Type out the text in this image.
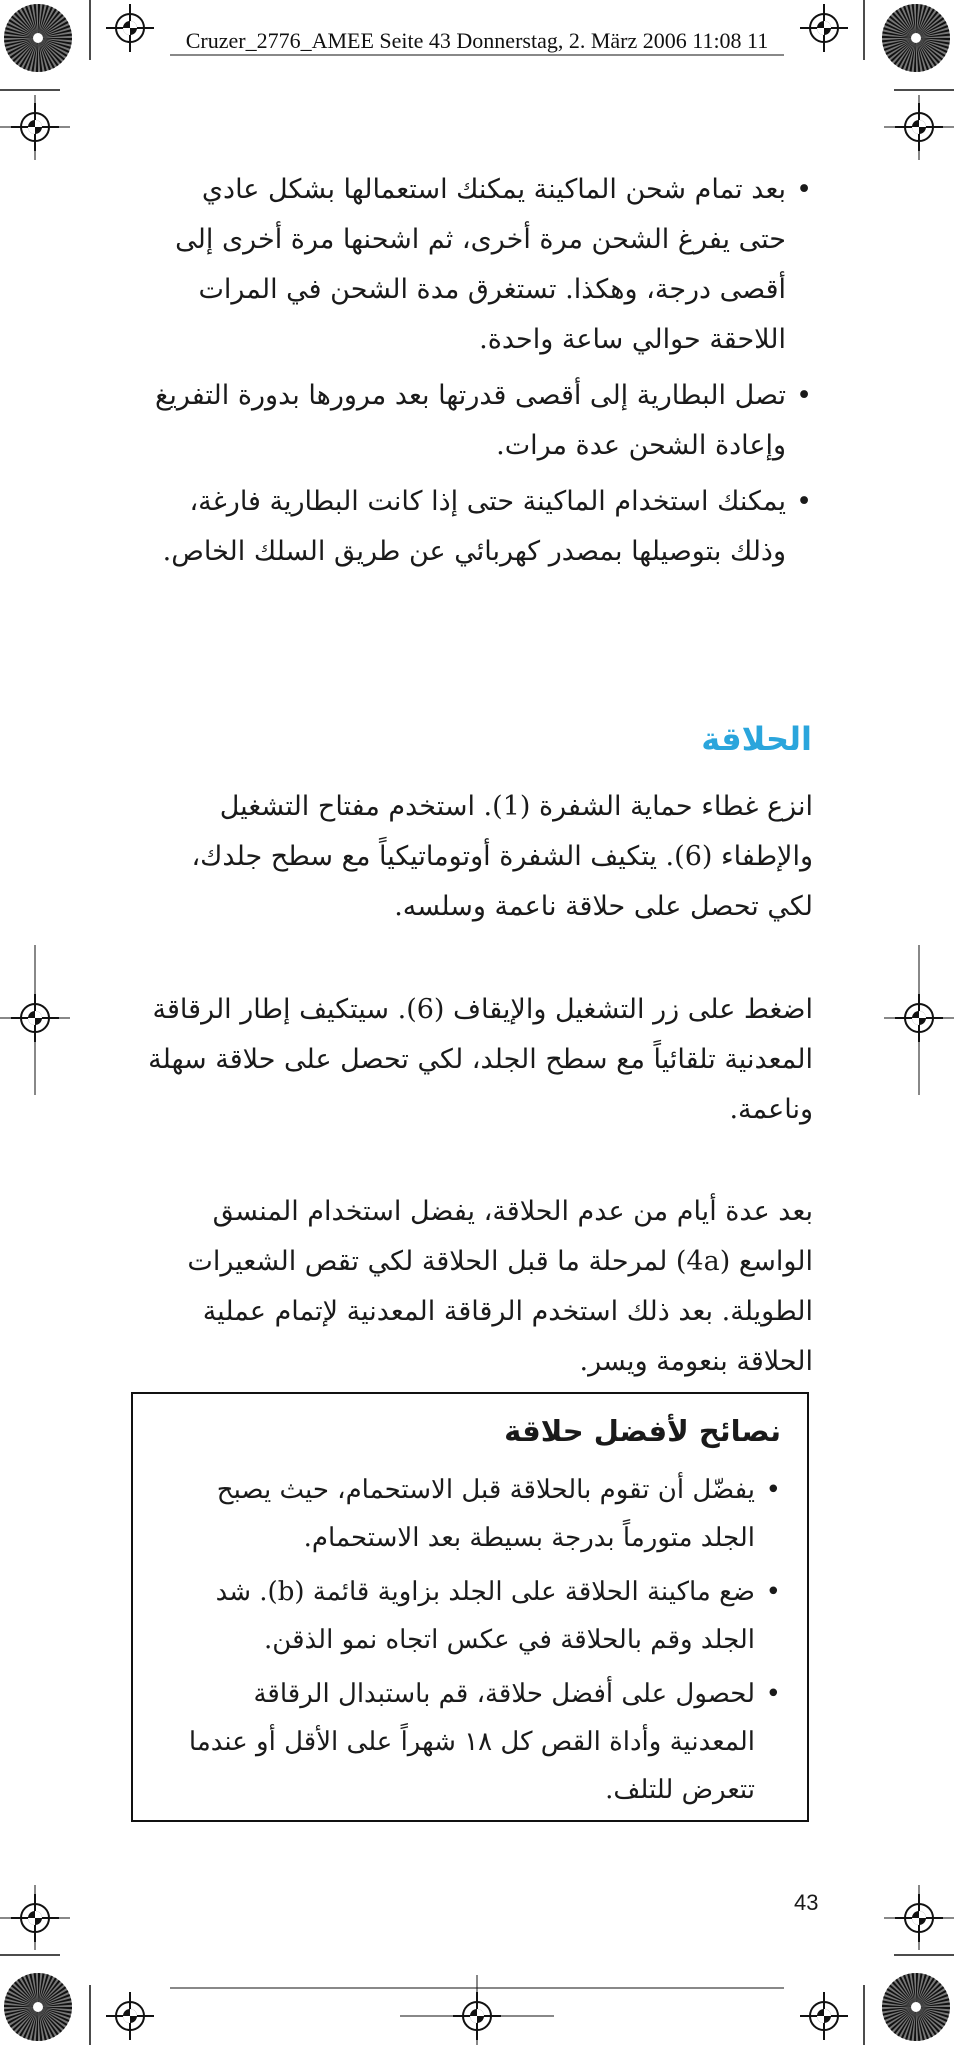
Cruzer_2776_AMEE Seite 43 Donnerstag, 2. März 2006 11:08 11
• بعد تمام شحن الماكينة يمكنك استعمالها بشكل عادي حتى يفرغ الشحن مرة أخرى، ثم اشحنها مرة أخرى إلى أقصى درجة، وهكذا. تستغرق مدة الشحن في المرات اللاحقة حوالي ساعة واحدة.
• تصل البطارية إلى أقصى قدرتها بعد مرورها بدورة التفريغ وإعادة الشحن عدة مرات.
• يمكنك استخدام الماكينة حتى إذا كانت البطارية فارغة، وذلك بتوصيلها بمصدر كهربائي عن طريق السلك الخاص.
الحلاقة

انزع غطاء حماية الشفرة (1). استخدم مفتاح التشغيل والإطفاء (6). يتكيف الشفرة أوتوماتيكياً مع سطح جلدك، لكي تحصل على حلاقة ناعمة وسلسه.

اضغط على زر التشغيل والإيقاف (6). سيتكيف إطار الرقاقة المعدنية تلقائياً مع سطح الجلد، لكي تحصل على حلاقة سهلة وناعمة.

بعد عدة أيام من عدم الحلاقة، يفضل استخدام المنسق الواسع (4a) لمرحلة ما قبل الحلاقة لكي تقص الشعيرات الطويلة. بعد ذلك استخدم الرقاقة المعدنية لإتمام عملية الحلاقة بنعومة ويسر.

نصائح لأفضل حلاقة
• يفضّل أن تقوم بالحلاقة قبل الاستحمام، حيث يصبح الجلد متورماً بدرجة بسيطة بعد الاستحمام.
• ضع ماكينة الحلاقة على الجلد بزاوية قائمة (b). شد الجلد وقم بالحلاقة في عكس اتجاه نمو الذقن.
• لحصول على أفضل حلاقة، قم باستبدال الرقاقة المعدنية وأداة القص كل ١٨ شهراً على الأقل أو عندما تتعرض للتلف.
43
